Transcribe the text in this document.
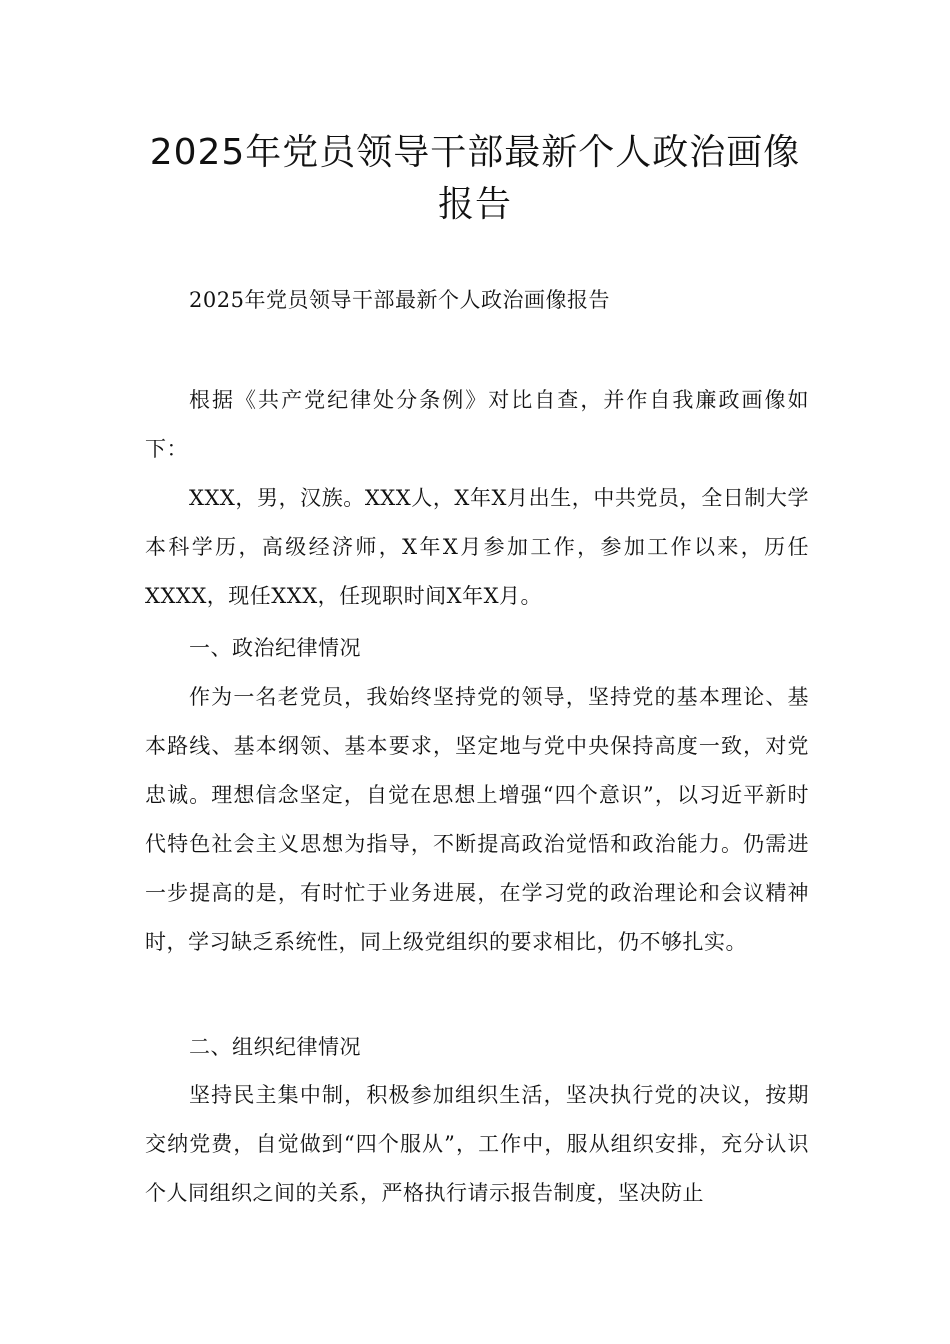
2025年党员领导干部最新个人政治画像
报告

2025年党员领导干部最新个人政治画像报告

根据《共产党纪律处分条例》对比自查，并作自我廉政画像如下：

XXX，男，汉族。XXX人，X年X月出生，中共党员，全日制大学本科学历，高级经济师，X年X月参加工作，参加工作以来，历任XXXX，现任XXX，任现职时间X年X月。

一、政治纪律情况

作为一名老党员，我始终坚持党的领导，坚持党的基本理论、基本路线、基本纲领、基本要求，坚定地与党中央保持高度一致，对党忠诚。理想信念坚定，自觉在思想上增强“四个意识”，以习近平新时代特色社会主义思想为指导，不断提高政治觉悟和政治能力。仍需进一步提高的是，有时忙于业务进展，在学习党的政治理论和会议精神时，学习缺乏系统性，同上级党组织的要求相比，仍不够扎实。

二、组织纪律情况

坚持民主集中制，积极参加组织生活，坚决执行党的决议，按期交纳党费，自觉做到“四个服从”，工作中，服从组织安排，充分认识个人同组织之间的关系，严格执行请示报告制度，坚决防止
